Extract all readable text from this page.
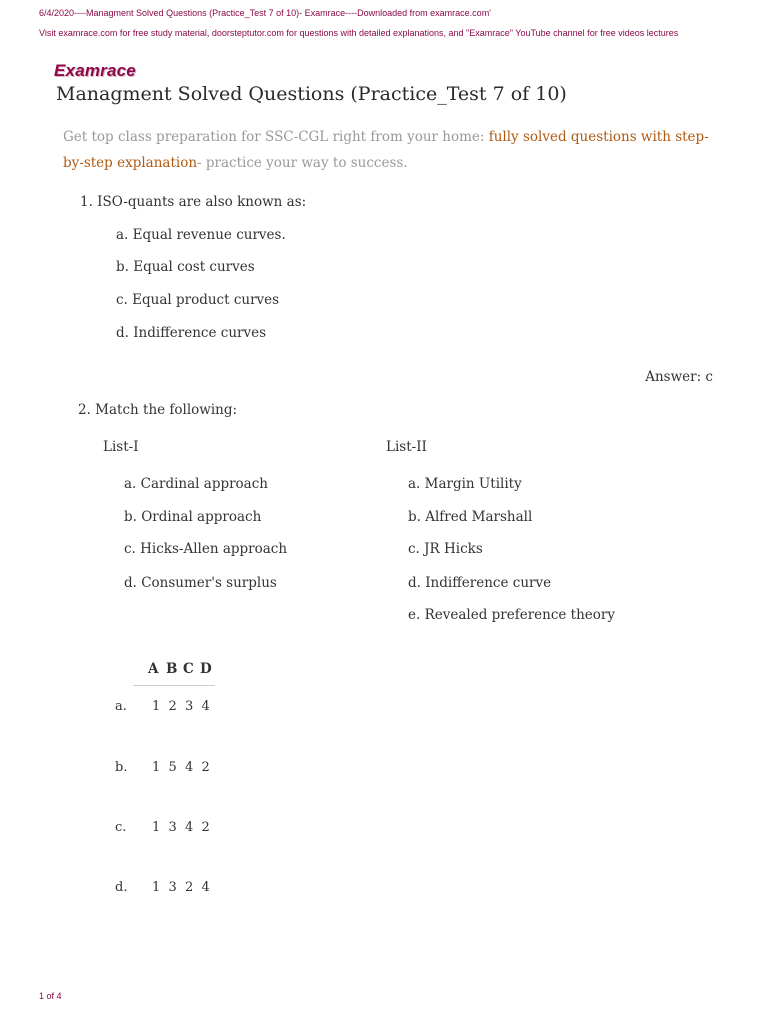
6/4/2020----Managment Solved Questions (Practice_Test 7 of 10)- Examrace----Downloaded from examrace.com'
Visit examrace.com for free study material, doorsteptutor.com for questions with detailed explanations, and "Examrace" YouTube channel for free videos lectures
Examrace
Managment Solved Questions (Practice_Test 7 of 10)
Get top class preparation for SSC-CGL right from your home: fully solved questions with step-by-step explanation- practice your way to success.
1. ISO-quants are also known as:
a. Equal revenue curves.
b. Equal cost curves
c. Equal product curves
d. Indifference curves
Answer: c
2. Match the following:
List-I	List-II
a. Cardinal approach
b. Ordinal approach
c. Hicks-Allen approach
d. Consumer's surplus
a. Margin Utility
b. Alfred Marshall
c. JR Hicks
d. Indifference curve
e. Revealed preference theory
A B C D
a. 1 2 3 4
b. 1 5 4 2
c. 1 3 4 2
d. 1 3 2 4
1 of 4
